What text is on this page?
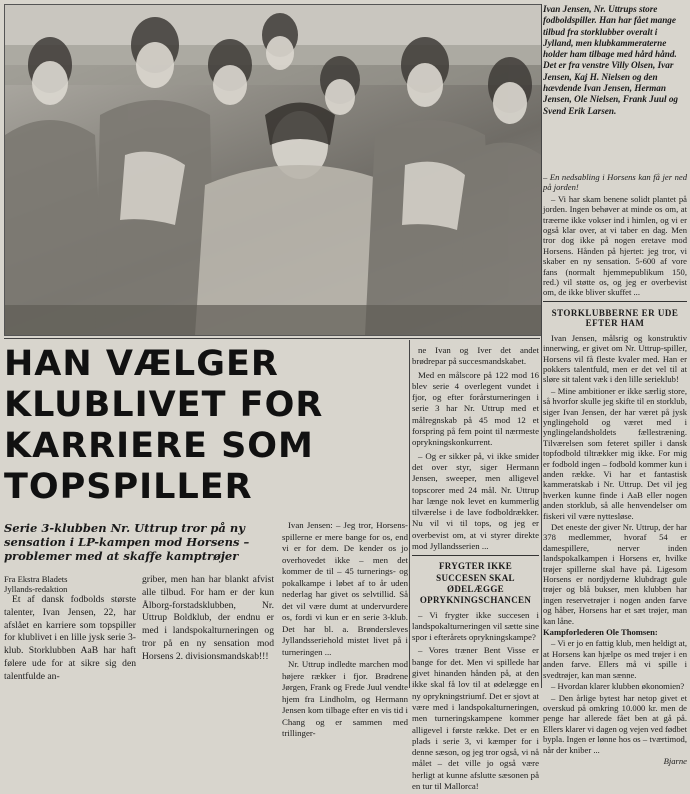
Ivan Jensen, Nr. Uttrups store fodboldspiller. Han har fået mange tilbud fra storklubber overalt i Jylland, men klubkammeraterne holder ham tilbage med hård hånd. Det er fra venstre Villy Olsen, Ivar Jensen, Kaj H. Nielsen og den hævdende Ivan Jensen, Herman Jensen, Ole Nielsen, Frank Juul og Svend Erik Larsen.

– En nedsabling i Horsens kan få jer ned på jorden!

– Vi har skam benene solidt plantet på jorden. Ingen behøver at minde os om, at træerne ikke vokser ind i himlen, og vi er også klar over, at vi taber en dag. Men tror dog ikke på nogen eretave mod Horsens. Hånden på hjertet: jeg tror, vi skaber en ny sensation. 5-600 af vore fans (normalt hjemmepublikum 150, red.) vil støtte os, og jeg er overbevist om, de ikke bliver skuffet ...

STORKLUBBERNE ER UDE EFTER HAM

Ivan Jensen, målsrig og konstruktiv innerwing, er givet om Nr. Uttrup-spiller, Horsens vil få fleste kvaler med. Han er pokkers talentfuld, men er det vel til at sløre sit talent væk i den lille serieklub!

– Mine ambitioner er ikke særlig store, så hvorfor skulle jeg skifte til en storklub, siger Ivan Jensen, der har været på jysk ynglingehold og været med i ynglingelandsholdets fællestræning. Tilværelsen som feteret spiller i dansk topfodbold tiltrækker mig ikke. For mig er fodbold ingen – fodbold kommer kun i anden række. Vi har et fantastisk kammeratskab i Nr. Uttrup. Det vil jeg hverken kunne finde i AaB eller nogen anden storklub, så alle henvendelser om fiskeri vil være nyttesløse.

Det eneste der giver Nr. Uttrup, der har 378 medlemmer, hvoraf 54 er damespillere, nerver inden landspokalkampen i Horsens er, hvilke trøjer spillerne skal have på. Ligesom Horsens er nordjyderne klubdragt gule trøjer og blå bukser, men klubben har ingen reservetrøjer i nogen anden farve og håber, Horsens har et sæt trøjer, man kan låne.

Kampforlederen Ole Thomsen:

– Vi er jo en fattig klub, men heldigt at, at Horsens kan hjælpe os med trøjer i en anden farve. Ellers må vi spille i svedtrøjer, kan man sænne.

– Hvordan klarer klubben økonomien?

– Den årlige bytest har netop givet et overskud på omkring 10.000 kr. men de penge har allerede fået ben at gå på. Ellers klarer vi dagen og vejen ved fødbet bypla. Ingen er lønne hos os – tværtimod, når der kniber ...

Bjarne

HAN VÆLGER
KLUBLIVET FOR
KARRIERE SOM
TOPSPILLER
Serie 3-klubben Nr. Uttrup tror på ny
sensation i LP-kampen mod Horsens –
problemer med at skaffe kamptrøjer
Fra Ekstra Bladets
Jyllands-redaktion

Et af dansk fodbolds største talenter, Ivan Jensen, 22, har afslået en karriere som topspiller for klublivet i en lille jysk serie 3-klub. Storklubben AaB har haft følere ude for at sikre sig den talentfulde an-

griber, men han har blankt afvist alle tilbud. For ham er der kun Ålborg-forstadsklubben, Nr. Uttrup Boldklub, der endnu er med i landspokalturneringen og tror på en ny sensation mod Horsens 2. divisionsmandskab!!!

Ivan Jensen: – Jeg tror, Horsens-spillerne er mere bange for os, end vi er for dem. De kender os jo overhovedet ikke – men det kommer de til – 45 turnerings- og pokalkampe i løbet af to år uden nederlag har givet os selvtillid. Så det vil være dumt at undervurdere os, fordi vi kun er en serie 3-klub. Det har bl. a. Brøndersleves Jyllandsseriehold mistet livet på i turneringen ...

Nr. Uttrup indledte marchen mod højere rækker i fjor. Brødrene Jørgen, Frank og Frede Juul vendte hjem fra Lindholm, og Hermann Jensen kom tilbage efter en vis tid i Chang og er sammen med trillinger-

ne Ivan og Iver det andet brødrepar på succesmandskabet.

Med en målscore på 122 mod 16 blev serie 4 overlegent vundet i fjor, og efter forårsturneringen i serie 3 har Nr. Uttrup med et målregnskab på 45 mod 12 et forspring på fem point til nærmeste oprykningskonkurrent.

– Og er sikker på, vi ikke smider det over styr, siger Hermann Jensen, sweeper, men alligevel topscorer med 24 mål. Nr. Uttrup har længe nok levet en kummerlig tilværelse i de lave fodboldrækker. Nu vil vi til tops, og jeg er overbevist om, at vi styrer direkte mod Jyllandsserien ...

FRYGTER IKKE
SUCCESEN SKAL
ØDELÆGGE
OPRYKNINGSCHANCEN

– Vi frygter ikke succesen i landspokalturneringen vil sætte sine spor i efterårets oprykningskampe?

– Vores træner Bent Visse er bange for det. Men vi spillede har givet hinanden hånden på, at den ikke skal få lov til at ødelægge en ny oprykningstriumf. Det er sjovt at være med i landspokalturneringen, men turneringskampene kommer alligevel i første række. Det er en plads i serie 3, vi kæmper for i denne sæson, og jeg tror også, vi nå målet – det ville jo også være herligt at kunne afslutte sæsonen på en tur til Mallorca!
